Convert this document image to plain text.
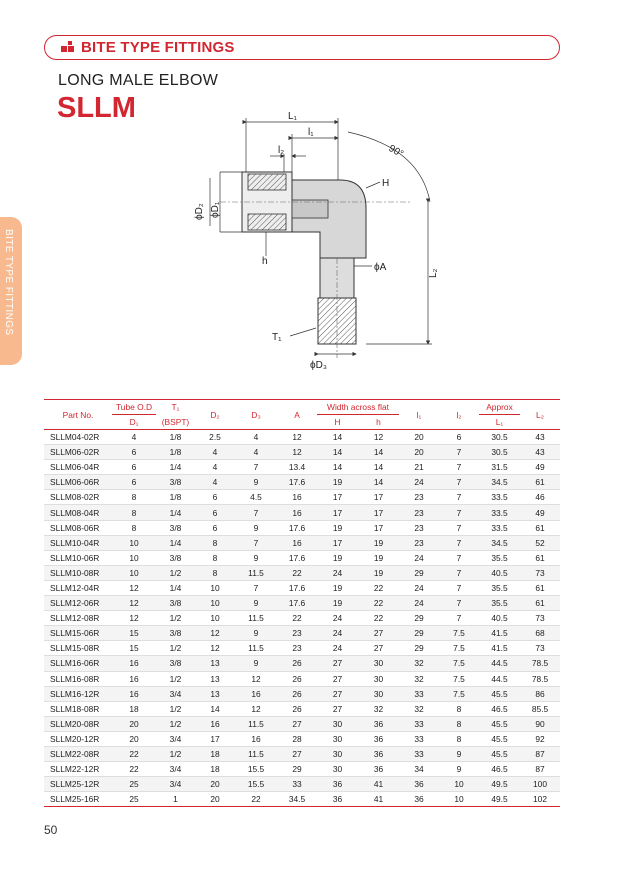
BITE TYPE FITTINGS
LONG MALE ELBOW
SLLM
BITE TYPE FITTINGS
L₁
l₁
l₂	90°
H
ϕD₂ ϕD₁
h
ϕA
L₂
T₁
ϕD₃
Part No.	Tube O.D	T₁	D₂	D₃	A	Width across flat		l₁	l₂	Approx	L₂
	D₁	(BSPT)				H	h			L₁	
SLLM04-02R	4	1/8	2.5	4	12	14	12	20	6	30.5	43
SLLM06-02R	6	1/8	4	4	12	14	14	20	7	30.5	43
SLLM06-04R	6	1/4	4	7	13.4	14	14	21	7	31.5	49
SLLM06-06R	6	3/8	4	9	17.6	19	14	24	7	34.5	61
SLLM08-02R	8	1/8	6	4.5	16	17	17	23	7	33.5	46
SLLM08-04R	8	1/4	6	7	16	17	17	23	7	33.5	49
SLLM08-06R	8	3/8	6	9	17.6	19	17	23	7	33.5	61
SLLM10-04R	10	1/4	8	7	16	17	19	23	7	34.5	52
SLLM10-06R	10	3/8	8	9	17.6	19	19	24	7	35.5	61
SLLM10-08R	10	1/2	8	11.5	22	24	19	29	7	40.5	73
SLLM12-04R	12	1/4	10	7	17.6	19	22	24	7	35.5	61
SLLM12-06R	12	3/8	10	9	17.6	19	22	24	7	35.5	61
SLLM12-08R	12	1/2	10	11.5	22	24	22	29	7	40.5	73
SLLM15-06R	15	3/8	12	9	23	24	27	29	7.5	41.5	68
SLLM15-08R	15	1/2	12	11.5	23	24	27	29	7.5	41.5	73
SLLM16-06R	16	3/8	13	9	26	27	30	32	7.5	44.5	78.5
SLLM16-08R	16	1/2	13	12	26	27	30	32	7.5	44.5	78.5
SLLM16-12R	16	3/4	13	16	26	27	30	33	7.5	45.5	86
SLLM18-08R	18	1/2	14	12	26	27	32	32	8	46.5	85.5
SLLM20-08R	20	1/2	16	11.5	27	30	36	33	8	45.5	90
SLLM20-12R	20	3/4	17	16	28	30	36	33	8	45.5	92
SLLM22-08R	22	1/2	18	11.5	27	30	36	33	9	45.5	87
SLLM22-12R	22	3/4	18	15.5	29	30	36	34	9	46.5	87
SLLM25-12R	25	3/4	20	15.5	33	36	41	36	10	49.5	100
SLLM25-16R	25	1	20	22	34.5	36	41	36	10	49.5	102
50
